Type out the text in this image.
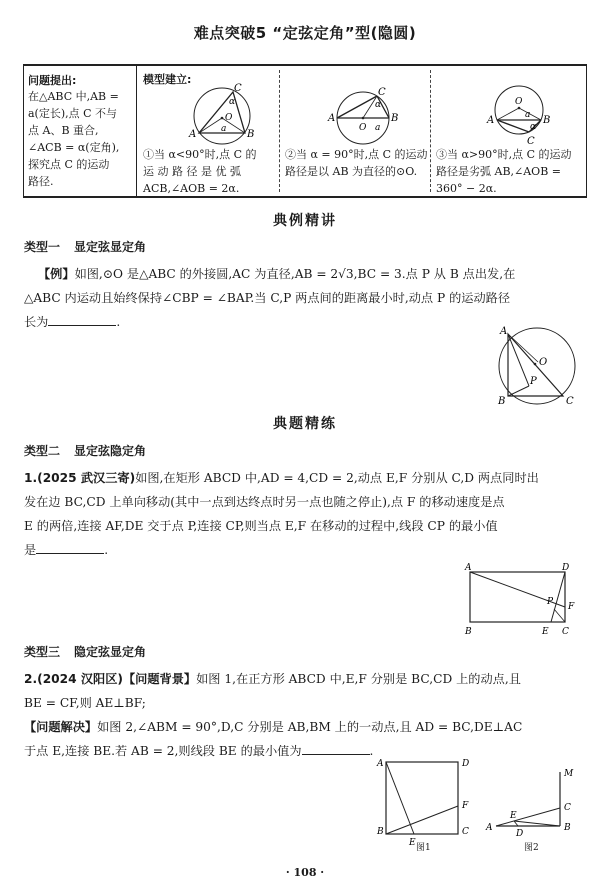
难点突破5 “定弦定角”型(隐圆)
问题提出:
在△ABC 中,AB =
a(定长),点 C 不与
点 A、B 重合,
∠ACB = α(定角),
探究点 C 的运动
路径.
模型建立:
A	B
C
O
α
a
①当 α<90°时,点 C 的
运 动 路 径 是 优 弧
ACB,∠AOB = 2α.
A	B
C
O
α
a
②当 α = 90°时,点 C 的运动
路径是以 AB 为直径的⊙O.
A	B
C
O
a
α
③当 α>90°时,点 C 的运动
路径是劣弧 AB,∠AOB =
360° − 2α.
典例精讲
类型一 显定弦显定角
【例】如图,⊙O 是△ABC 的外接圆,AC 为直径,AB = 2√3,BC = 3.点 P 从 B 点出发,在
△ABC 内运动且始终保持∠CBP = ∠BAP.当 C,P 两点间的距离最小时,动点 P 的运动路径
长为	.
A
B	C
O
P
典题精练
类型二 显定弦隐定角
1.(2025 武汉三寄)如图,在矩形 ABCD 中,AD = 4,CD = 2,动点 E,F 分别从 C,D 两点同时出
发在边 BC,CD 上单向移动(其中一点到达终点时另一点也随之停止),点 F 的移动速度是点
E 的两倍,连接 AF,DE 交于点 P,连接 CP,则当点 E,F 在移动的过程中,线段 CP 的最小值
是	.
A	D
B	E C
F
P
类型三 隐定弦显定角
2.(2024 汉阳区)【问题背景】如图 1,在正方形 ABCD 中,E,F 分别是 BC,CD 上的动点,且
BE = CF,则 AE⊥BF;
【问题解决】如图 2,∠ABM = 90°,D,C 分别是 AB,BM 上的一动点,且 AD = BC,DE⊥AC
于点 E,连接 BE.若 AB = 2,则线段 BE 的最小值为	.
A	D
B
E
C
F
图1
M
C
B
A
E
D
图2
· 108 ·
